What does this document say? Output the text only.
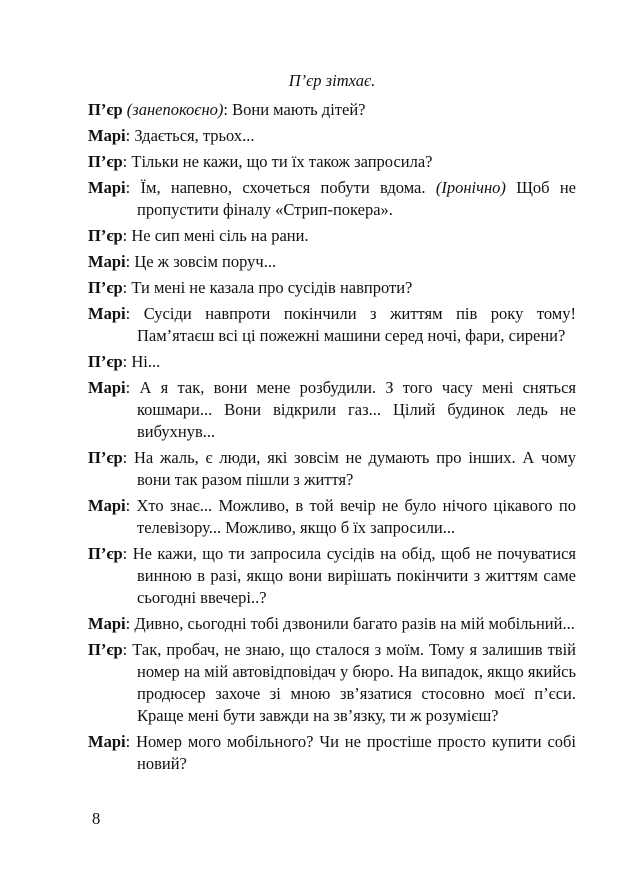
П’єр зітхає.

П’єр (занепокоєно): Вони мають дітей?

Марі: Здається, трьох...

П’єр: Тільки не кажи, що ти їх також запросила?

Марі: Їм, напевно, схочеться побути вдома. (Іронічно) Щоб не пропустити фіналу «Стрип-покера».

П’єр: Не сип мені сіль на рани.

Марі: Це ж зовсім поруч...

П’єр: Ти мені не казала про сусідів навпроти?

Марі: Сусіди навпроти покінчили з життям пів року тому! Пам’ятаєш всі ці пожежні машини серед ночі, фари, сирени?

П’єр: Ні...

Марі: А я так, вони мене розбудили. З того часу мені сняться кошмари... Вони відкрили газ... Цілий будинок ледь не вибухнув...

П’єр: На жаль, є люди, які зовсім не думають про інших. А чому вони так разом пішли з життя?

Марі: Хто знає... Можливо, в той вечір не було нічого цікавого по телевізору... Можливо, якщо б їх запросили...

П’єр: Не кажи, що ти запросила сусідів на обід, щоб не почуватися винною в разі, якщо вони вирішать покінчити з життям саме сьогодні ввечері..?

Марі: Дивно, сьогодні тобі дзвонили багато разів на мій мобільний...

П’єр: Так, пробач, не знаю, що сталося з моїм. Тому я залишив твій номер на мій автовідповідач у бюро. На випадок, якщо якийсь продюсер захоче зі мною зв’язатися стосовно моєї п’єси. Краще мені бути завжди на зв’язку, ти ж розумієш?

Марі: Номер мого мобільного? Чи не простіше просто купити собі новий?

8
